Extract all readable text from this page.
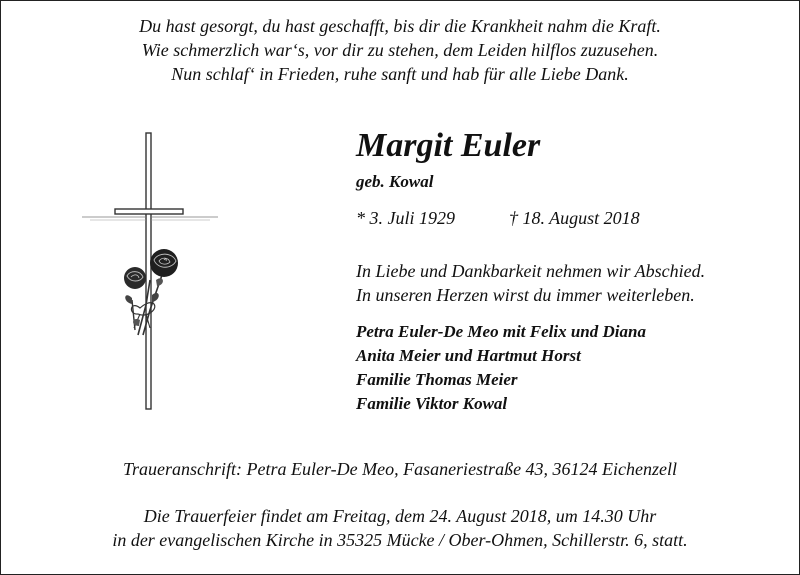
Du hast gesorgt, du hast geschafft, bis dir die Krankheit nahm die Kraft.
Wie schmerzlich war‘s, vor dir zu stehen, dem Leiden hilflos zuzusehen.
Nun schlaf‘ in Frieden, ruhe sanft und hab für alle Liebe Dank.
Margit Euler
geb. Kowal
* 3. Juli 1929	† 18. August 2018
In Liebe und Dankbarkeit nehmen wir Abschied.
In unseren Herzen wirst du immer weiterleben.
Petra Euler-De Meo mit Felix und Diana
Anita Meier und Hartmut Horst
Familie Thomas Meier
Familie Viktor Kowal
Traueranschrift: Petra Euler-De Meo, Fasaneriestraße 43, 36124 Eichenzell
Die Trauerfeier findet am Freitag, dem 24. August 2018, um 14.30 Uhr
in der evangelischen Kirche in 35325 Mücke / Ober-Ohmen, Schillerstr. 6, statt.
